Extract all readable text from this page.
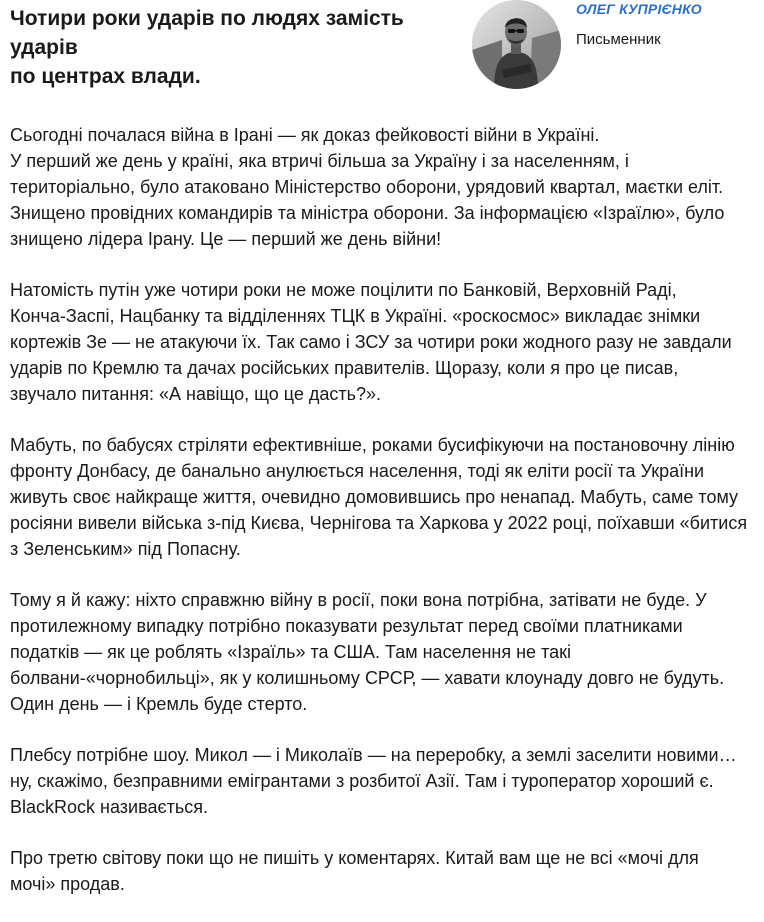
Чотири роки ударів по людях замість ударів
по центрах влади.
ОЛЕГ КУПРІЄНКО
Письменник

Сьогодні почалася війна в Ірані — як доказ фейковості війни в Україні.
У перший же день у країні, яка втричі більша за Україну і за населенням, і
територіально, було атаковано Міністерство оборони, урядовий квартал, маєтки еліт.
Знищено провідних командирів та міністра оборони. За інформацією «Ізраїлю», було
знищено лідера Ірану. Це — перший же день війни!

Натомість путін уже чотири роки не може поцілити по Банковій, Верховній Раді,
Конча-Заспі, Нацбанку та відділеннях ТЦК в Україні. «роскосмос» викладає знімки
кортежів Зе — не атакуючи їх. Так само і ЗСУ за чотири роки жодного разу не завдали
ударів по Кремлю та дачах російських правителів. Щоразу, коли я про це писав,
звучало питання: «А навіщо, що це дасть?».

Мабуть, по бабусях стріляти ефективніше, роками бусифікуючи на постановочну лінію
фронту Донбасу, де банально анулюється населення, тоді як еліти росії та України
живуть своє найкраще життя, очевидно домовившись про ненапад. Мабуть, саме тому
росіяни вивели війська з-під Києва, Чернігова та Харкова у 2022 році, поїхавши «битися
з Зеленським» під Попасну.

Тому я й кажу: ніхто справжню війну в росії, поки вона потрібна, затівати не буде. У
протилежному випадку потрібно показувати результат перед своїми платниками
податків — як це роблять «Ізраїль» та США. Там населення не такі
болвани-«чорнобильці», як у колишньому СРСР, — хавати клоунаду довго не будуть.
Один день — і Кремль буде стерто.

Плебсу потрібне шоу. Микол — і Миколаїв — на переробку, а землі заселити новими…
ну, скажімо, безправними емігрантами з розбитої Азії. Там і туроператор хороший є.
BlackRock називається.

Про третю світову поки що не пишіть у коментарях. Китай вам ще не всі «мочі для
мочі» продав.
